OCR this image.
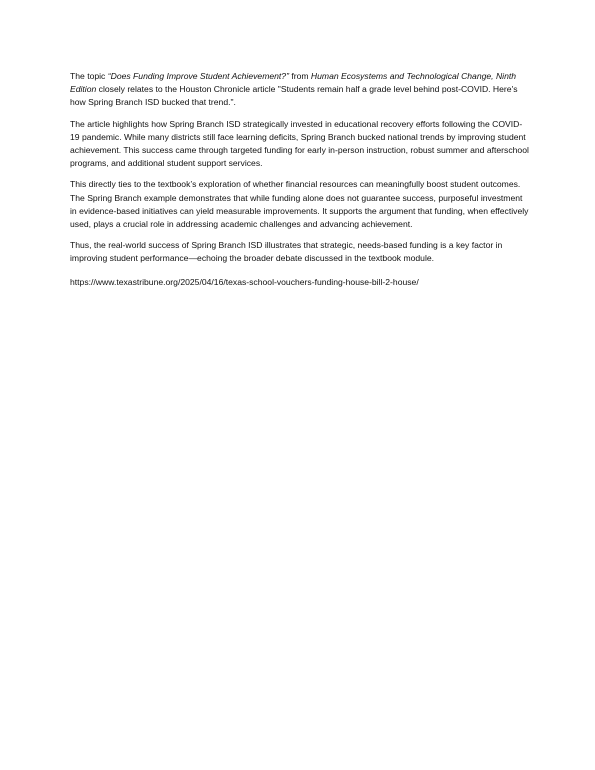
The topic “Does Funding Improve Student Achievement?” from Human Ecosystems and Technological Change, Ninth Edition closely relates to the Houston Chronicle article "Students remain half a grade level behind post-COVID. Here's how Spring Branch ISD bucked that trend.".

The article highlights how Spring Branch ISD strategically invested in educational recovery efforts following the COVID-19 pandemic. While many districts still face learning deficits, Spring Branch bucked national trends by improving student achievement. This success came through targeted funding for early in-person instruction, robust summer and afterschool programs, and additional student support services.

This directly ties to the textbook’s exploration of whether financial resources can meaningfully boost student outcomes. The Spring Branch example demonstrates that while funding alone does not guarantee success, purposeful investment in evidence-based initiatives can yield measurable improvements. It supports the argument that funding, when effectively used, plays a crucial role in addressing academic challenges and advancing achievement.

Thus, the real-world success of Spring Branch ISD illustrates that strategic, needs-based funding is a key factor in improving student performance—echoing the broader debate discussed in the textbook module.

https://www.texastribune.org/2025/04/16/texas-school-vouchers-funding-house-bill-2-house/
